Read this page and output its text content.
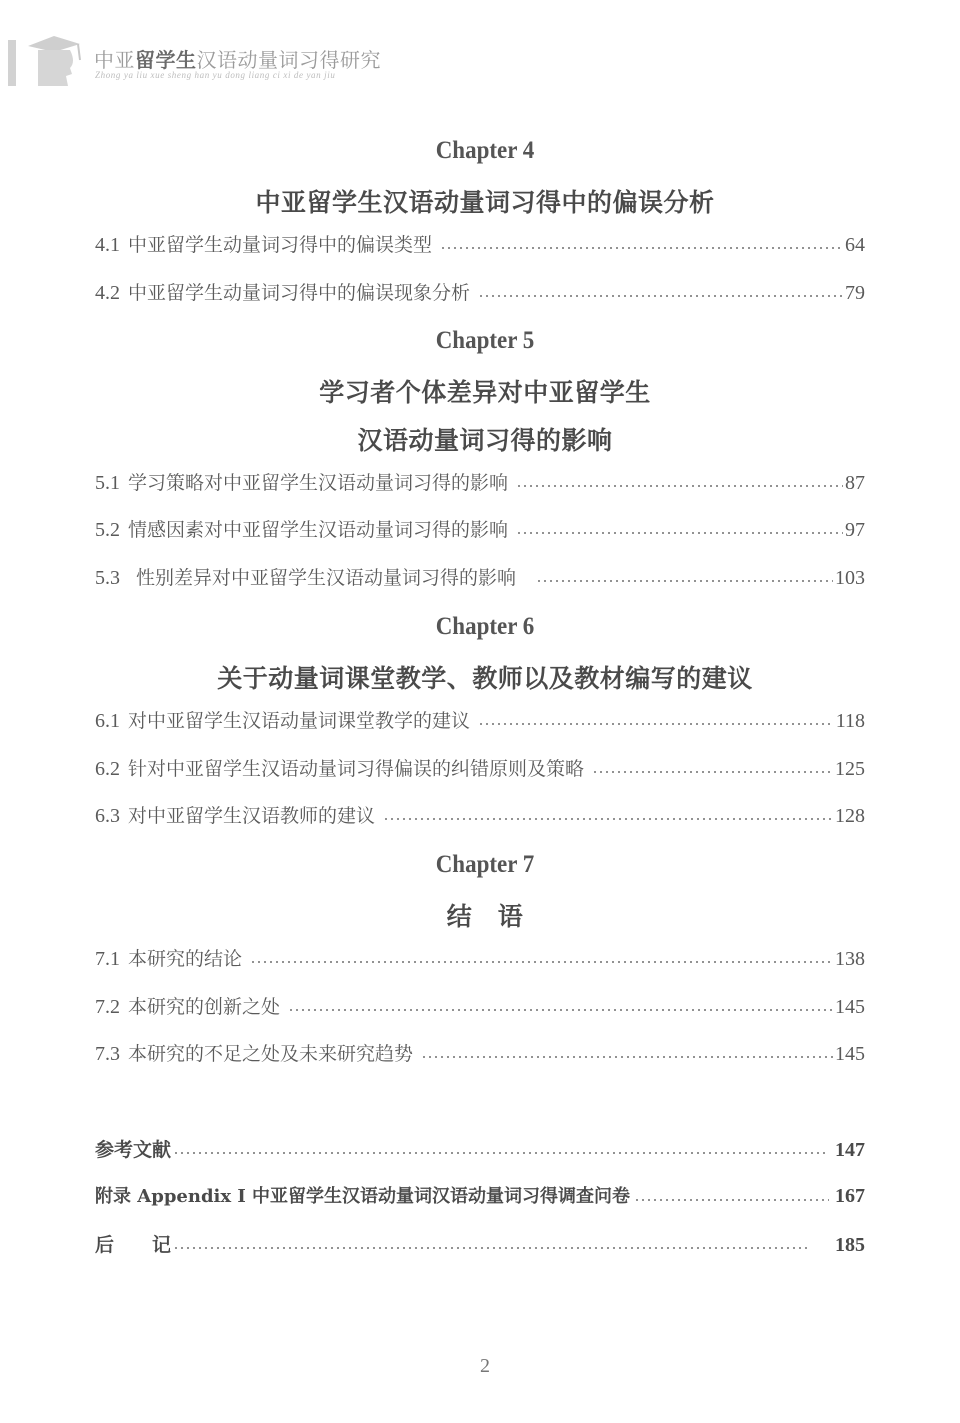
中亚留学生汉语动量词习得研究
Zhong ya liu xue sheng han yu dong liang ci xi de yan jiu
Chapter 4
中亚留学生汉语动量词习得中的偏误分析
4.1 中亚留学生动量词习得中的偏误类型	64
4.2 中亚留学生动量词习得中的偏误现象分析	79
Chapter 5
学习者个体差异对中亚留学生
汉语动量词习得的影响
5.1 学习策略对中亚留学生汉语动量词习得的影响	87
5.2 情感因素对中亚留学生汉语动量词习得的影响	97
5.3 性别差异对中亚留学生汉语动量词习得的影响	103
Chapter 6
关于动量词课堂教学、教师以及教材编写的建议
6.1 对中亚留学生汉语动量词课堂教学的建议	118
6.2 针对中亚留学生汉语动量词习得偏误的纠错原则及策略	125
6.3 对中亚留学生汉语教师的建议	128
Chapter 7
结　语
7.1 本研究的结论	138
7.2 本研究的创新之处	145
7.3 本研究的不足之处及未来研究趋势	145
参考文献	147
附录 Appendix I 中亚留学生汉语动量词汉语动量词习得调查问卷	167
后　　记	185
2
